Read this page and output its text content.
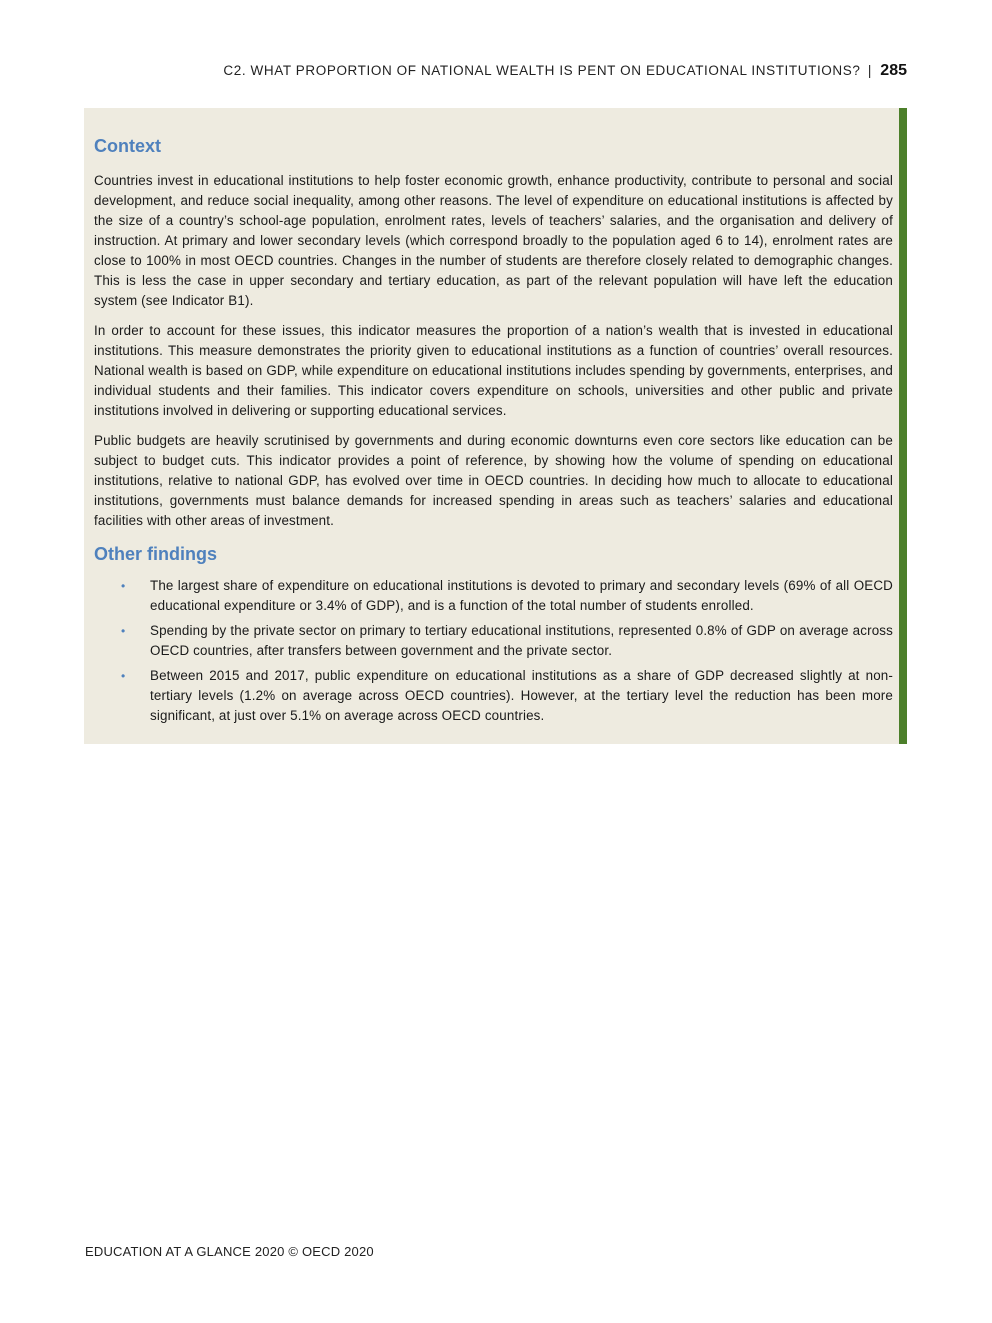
C2. WHAT PROPORTION OF NATIONAL WEALTH IS PENT ON EDUCATIONAL INSTITUTIONS? | 285
Context

Countries invest in educational institutions to help foster economic growth, enhance productivity, contribute to personal and social development, and reduce social inequality, among other reasons. The level of expenditure on educational institutions is affected by the size of a country’s school-age population, enrolment rates, levels of teachers’ salaries, and the organisation and delivery of instruction. At primary and lower secondary levels (which correspond broadly to the population aged 6 to 14), enrolment rates are close to 100% in most OECD countries. Changes in the number of students are therefore closely related to demographic changes. This is less the case in upper secondary and tertiary education, as part of the relevant population will have left the education system (see Indicator B1).

In order to account for these issues, this indicator measures the proportion of a nation’s wealth that is invested in educational institutions. This measure demonstrates the priority given to educational institutions as a function of countries’ overall resources. National wealth is based on GDP, while expenditure on educational institutions includes spending by governments, enterprises, and individual students and their families. This indicator covers expenditure on schools, universities and other public and private institutions involved in delivering or supporting educational services.

Public budgets are heavily scrutinised by governments and during economic downturns even core sectors like education can be subject to budget cuts. This indicator provides a point of reference, by showing how the volume of spending on educational institutions, relative to national GDP, has evolved over time in OECD countries. In deciding how much to allocate to educational institutions, governments must balance demands for increased spending in areas such as teachers’ salaries and educational facilities with other areas of investment.

Other findings
• The largest share of expenditure on educational institutions is devoted to primary and secondary levels (69% of all OECD educational expenditure or 3.4% of GDP), and is a function of the total number of students enrolled.
• Spending by the private sector on primary to tertiary educational institutions, represented 0.8% of GDP on average across OECD countries, after transfers between government and the private sector.
• Between 2015 and 2017, public expenditure on educational institutions as a share of GDP decreased slightly at non-tertiary levels (1.2% on average across OECD countries). However, at the tertiary level the reduction has been more significant, at just over 5.1% on average across OECD countries.
EDUCATION AT A GLANCE 2020 © OECD 2020
